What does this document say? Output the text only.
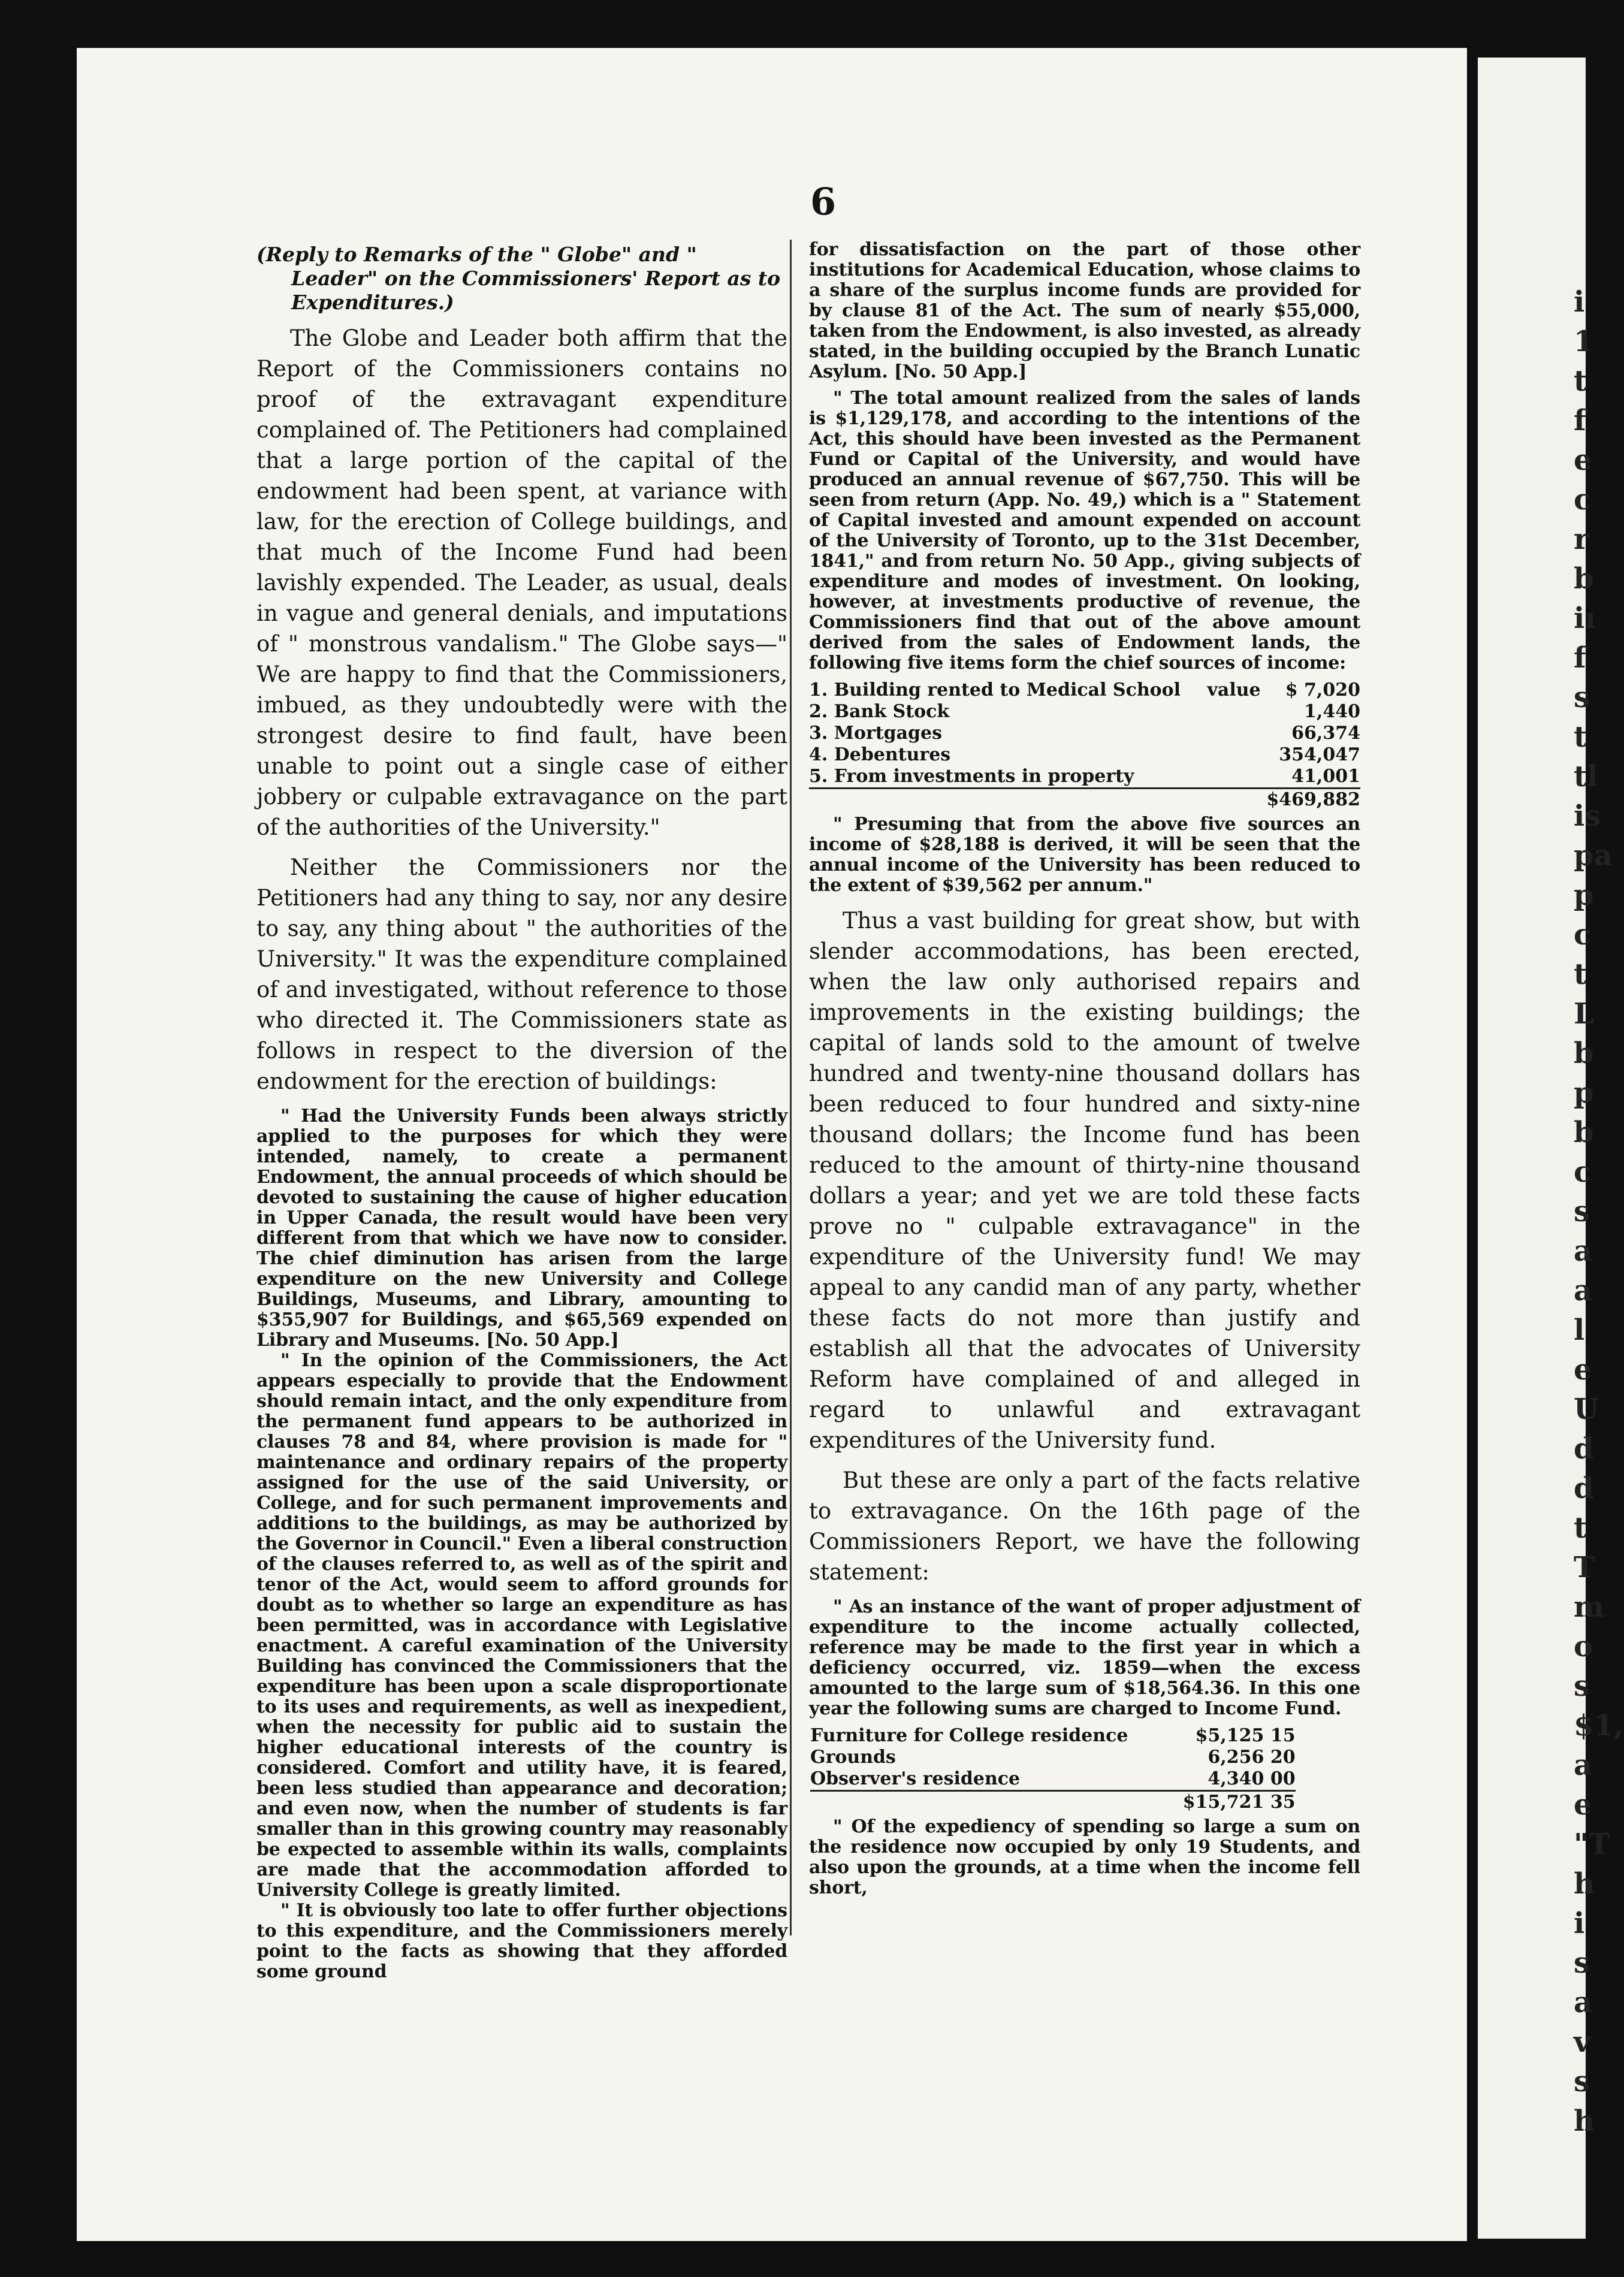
i
1
t
f
e
c
r
b
iı
f
s
t
tl
is
pa
p
c
t
L
b
p
b
c
s
a
a
l
e
U
d
d
t
T
m
o
s
$1,
a
e
"T
h
i
s
a
v
s
h
6

(Reply to Remarks of the " Globe" and " Leader" on the Commissioners' Report as to Expenditures.)

The Globe and Leader both affirm that the Report of the Commissioners contains no proof of the extravagant expenditure complained of. The Petitioners had complained that a large portion of the capital of the endowment had been spent, at variance with law, for the erection of College buildings, and that much of the Income Fund had been lavishly expended. The Leader, as usual, deals in vague and general denials, and imputations of " monstrous vandalism." The Globe says—" We are happy to find that the Commissioners, imbued, as they undoubtedly were with the strongest desire to find fault, have been unable to point out a single case of either jobbery or culpable extravagance on the part of the authorities of the University."

Neither the Commissioners nor the Petitioners had any thing to say, nor any desire to say, any thing about " the authorities of the University." It was the expenditure complained of and investigated, without reference to those who directed it. The Commissioners state as follows in respect to the diversion of the endowment for the erection of buildings:

" Had the University Funds been always strictly applied to the purposes for which they were intended, namely, to create a permanent Endowment, the annual proceeds of which should be devoted to sustaining the cause of higher education in Upper Canada, the result would have been very different from that which we have now to consider. The chief diminution has arisen from the large expenditure on the new University and College Buildings, Museums, and Library, amounting to $355,907 for Buildings, and $65,569 expended on Library and Museums. [No. 50 App.]

" In the opinion of the Commissioners, the Act appears especially to provide that the Endowment should remain intact, and the only expenditure from the permanent fund appears to be authorized in clauses 78 and 84, where provision is made for " maintenance and ordinary repairs of the property assigned for the use of the said University, or College, and for such permanent improvements and additions to the buildings, as may be authorized by the Governor in Council." Even a liberal construction of the clauses referred to, as well as of the spirit and tenor of the Act, would seem to afford grounds for doubt as to whether so large an expenditure as has been permitted, was in accordance with Legislative enactment. A careful examination of the University Building has convinced the Commissioners that the expenditure has been upon a scale disproportionate to its uses and requirements, as well as inexpedient, when the necessity for public aid to sustain the higher educational interests of the country is considered. Comfort and utility have, it is feared, been less studied than appearance and decoration; and even now, when the number of students is far smaller than in this growing country may reasonably be expected to assemble within its walls, complaints are made that the accommodation afforded to University College is greatly limited.

" It is obviously too late to offer further objections to this expenditure, and the Commissioners merely point to the facts as showing that they afforded some ground

for dissatisfaction on the part of those other institutions for Academical Education, whose claims to a share of the surplus income funds are provided for by clause 81 of the Act. The sum of nearly $55,000, taken from the Endowment, is also invested, as already stated, in the building occupied by the Branch Lunatic Asylum. [No. 50 App.]

" The total amount realized from the sales of lands is $1,129,178, and according to the intentions of the Act, this should have been invested as the Permanent Fund or Capital of the University, and would have produced an annual revenue of $67,750. This will be seen from return (App. No. 49,) which is a " Statement of Capital invested and amount expended on account of the University of Toronto, up to the 31st December, 1841," and from return No. 50 App., giving subjects of expenditure and modes of investment. On looking, however, at investments productive of revenue, the Commissioners find that out of the above amount derived from the sales of Endowment lands, the following five items form the chief sources of income:

1. Building rented to Medical School	value	$ 7,020
2. Bank Stock		1,440
3. Mortgages		66,374
4. Debentures		354,047
5. From investments in property		41,001
		$469,882

" Presuming that from the above five sources an income of $28,188 is derived, it will be seen that the annual income of the University has been reduced to the extent of $39,562 per annum."

Thus a vast building for great show, but with slender accommodations, has been erected, when the law only authorised repairs and improvements in the existing buildings; the capital of lands sold to the amount of twelve hundred and twenty-nine thousand dollars has been reduced to four hundred and sixty-nine thousand dollars; the Income fund has been reduced to the amount of thirty-nine thousand dollars a year; and yet we are told these facts prove no " culpable extravagance" in the expenditure of the University fund! We may appeal to any candid man of any party, whether these facts do not more than justify and establish all that the advocates of University Reform have complained of and alleged in regard to unlawful and extravagant expenditures of the University fund.

But these are only a part of the facts relative to extravagance. On the 16th page of the Commissioners Report, we have the following statement:

" As an instance of the want of proper adjustment of expenditure to the income actually collected, reference may be made to the first year in which a deficiency occurred, viz. 1859—when the excess amounted to the large sum of $18,564.36. In this one year the following sums are charged to Income Fund.

Furniture for College residence	$5,125 15
Grounds	6,256 20
Observer's residence	4,340 00
	$15,721 35

" Of the expediency of spending so large a sum on the residence now occupied by only 19 Students, and also upon the grounds, at a time when the income fell short,
